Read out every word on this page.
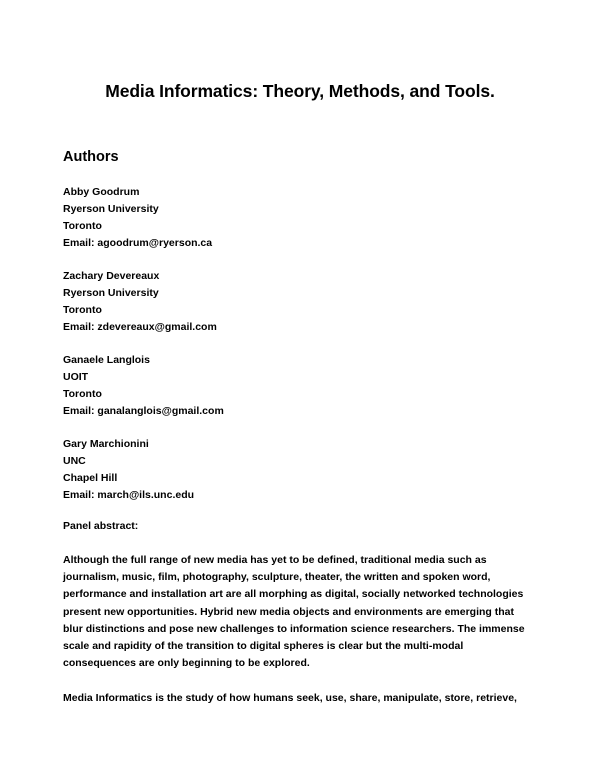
Media Informatics: Theory, Methods, and Tools.
Authors
Abby Goodrum
Ryerson University
Toronto
Email: agoodrum@ryerson.ca
Zachary Devereaux
Ryerson University
Toronto
Email: zdevereaux@gmail.com
Ganaele Langlois
UOIT
Toronto
Email: ganalanglois@gmail.com
Gary Marchionini
UNC
Chapel Hill
Email: march@ils.unc.edu
Panel abstract:
Although the full range of new media has yet to be defined, traditional media such as
journalism, music, film, photography, sculpture, theater, the written and spoken word,
performance and installation art are all morphing as digital, socially networked technologies
present new opportunities. Hybrid new media objects and environments are emerging that
blur distinctions and pose new challenges to information science researchers. The immense
scale and rapidity of the transition to digital spheres is clear but the multi-modal
consequences are only beginning to be explored.
Media Informatics is the study of how humans seek, use, share, manipulate, store, retrieve,
